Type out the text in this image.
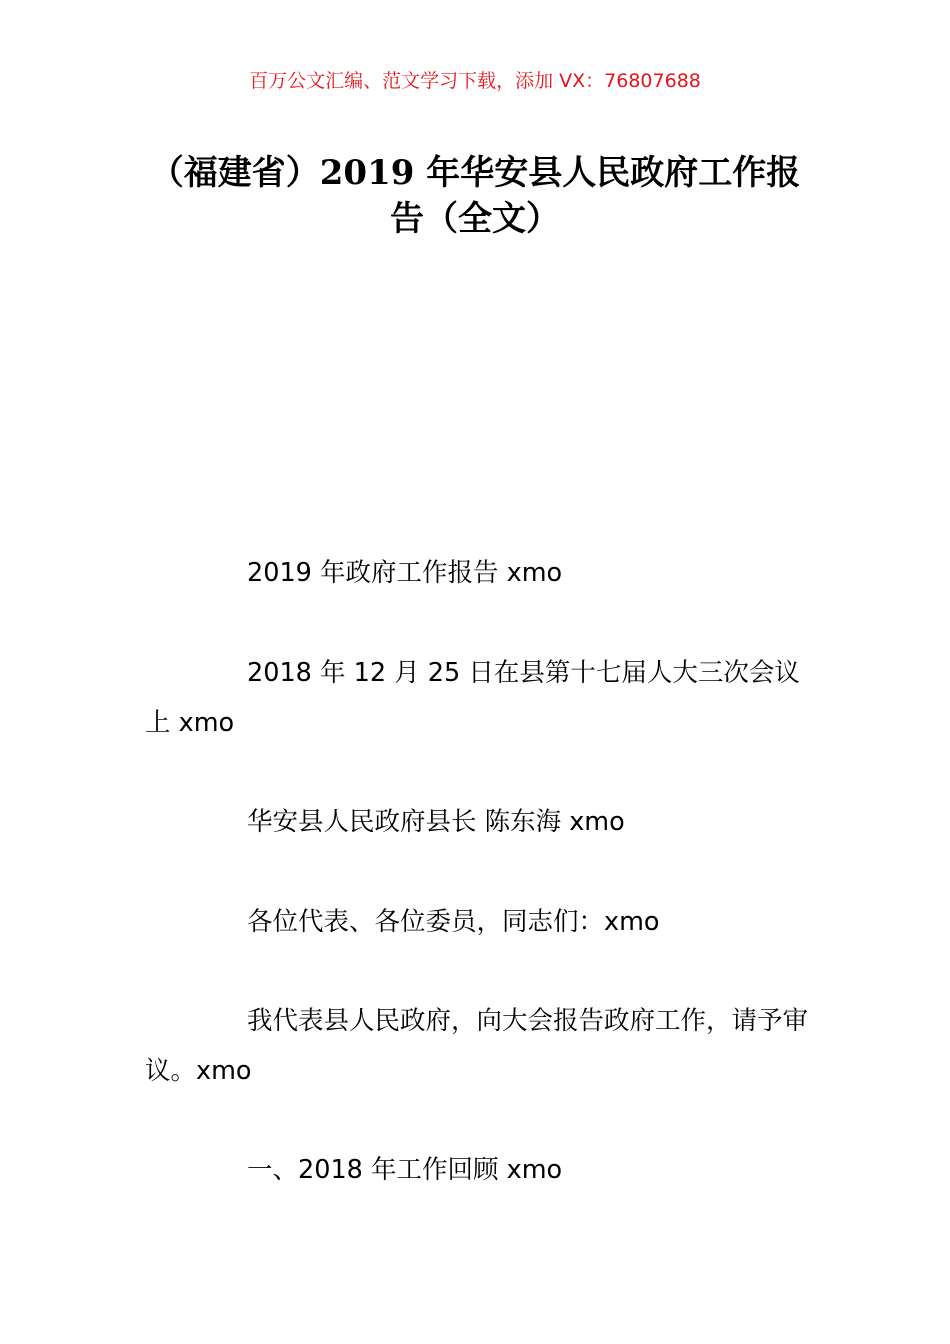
百万公文汇编、范文学习下载，添加 VX：76807688
（福建省）2019 年华安县人民政府工作报
告（全文）

2019 年政府工作报告 xmo

2018 年 12 月 25 日在县第十七届人大三次会议上 xmo

华安县人民政府县长 陈东海 xmo

各位代表、各位委员，同志们：xmo

我代表县人民政府，向大会报告政府工作，请予审议。xmo

一、2018 年工作回顾 xmo
